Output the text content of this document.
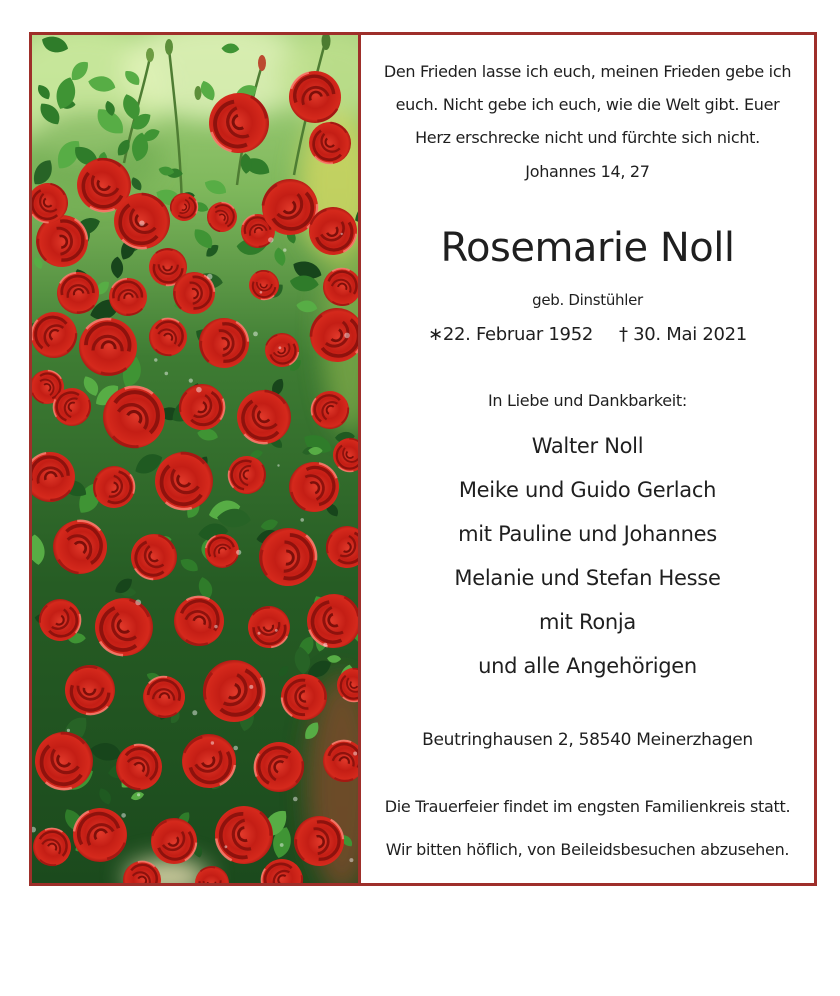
Den Frieden lasse ich euch, meinen Frieden gebe ich
euch. Nicht gebe ich euch, wie die Welt gibt. Euer
Herz erschrecke nicht und fürchte sich nicht.
Johannes 14, 27
Rosemarie Noll
geb. Dinstühler
∗22. Februar 1952 † 30. Mai 2021
In Liebe und Dankbarkeit:
Walter Noll
Meike und Guido Gerlach
mit Pauline und Johannes
Melanie und Stefan Hesse
mit Ronja
und alle Angehörigen
Beutringhausen 2, 58540 Meinerzhagen
Die Trauerfeier findet im engsten Familienkreis statt.
Wir bitten höflich, von Beileidsbesuchen abzusehen.
